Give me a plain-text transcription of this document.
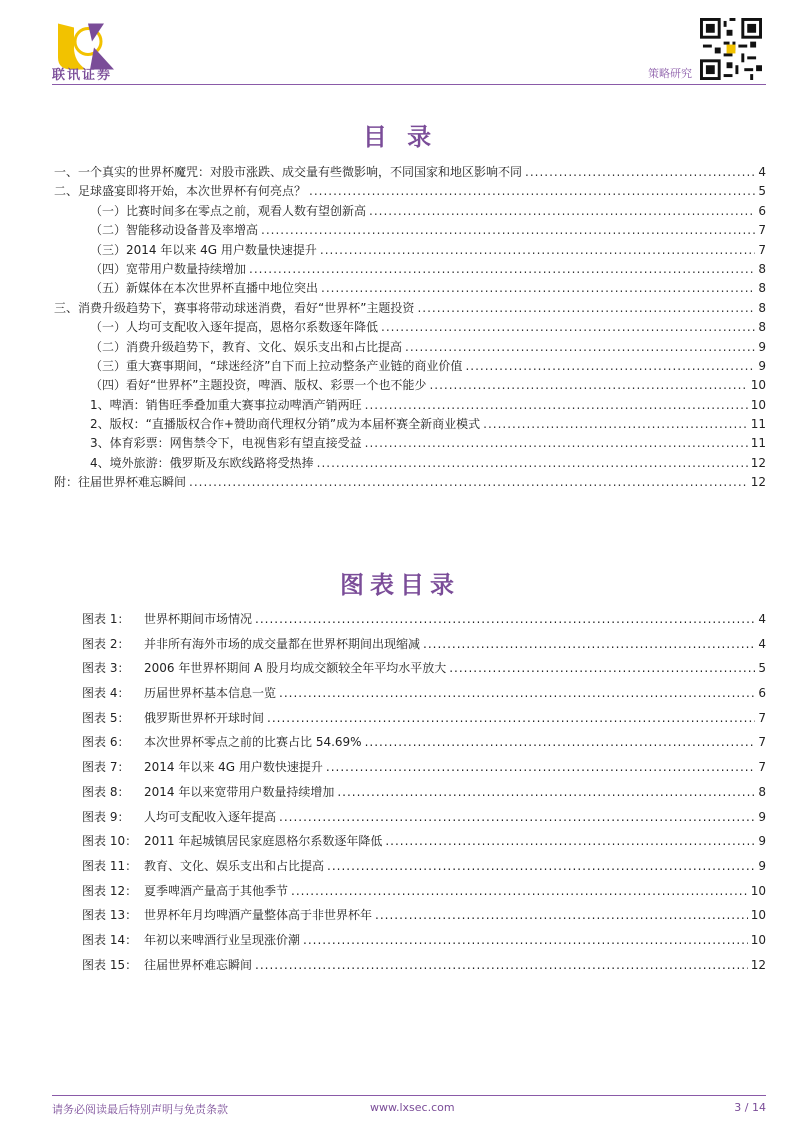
联讯证券	策略研究
目 录
一、一个真实的世界杯魔咒：对股市涨跌、成交量有些微影响，不同国家和地区影响不同 .....	4
二、足球盛宴即将开始，本次世界杯有何亮点？ .....	5
（一）比赛时间多在零点之前，观看人数有望创新高 .....	6
（二）智能移动设备普及率增高 .....	7
（三）2014 年以来 4G 用户数量快速提升 .....	7
（四）宽带用户数量持续增加 .....	8
（五）新媒体在本次世界杯直播中地位突出 .....	8
三、消费升级趋势下，赛事将带动球迷消费，看好“世界杯”主题投资 .....	8
（一）人均可支配收入逐年提高，恩格尔系数逐年降低 .....	8
（二）消费升级趋势下，教育、文化、娱乐支出和占比提高 .....	9
（三）重大赛事期间，“球迷经济”自下而上拉动整条产业链的商业价值 .....	9
（四）看好“世界杯”主题投资，啤酒、版权、彩票一个也不能少 .....	10
1、啤酒：销售旺季叠加重大赛事拉动啤酒产销两旺 .....	10
2、版权：“直播版权合作+赞助商代理权分销”成为本届杯赛全新商业模式 .....	11
3、体育彩票：网售禁令下，电视售彩有望直接受益 .....	11
4、境外旅游：俄罗斯及东欧线路将受热捧 .....	12
附：往届世界杯难忘瞬间 .....	12
图表目录
图表 1：	世界杯期间市场情况 .....	4
图表 2：	并非所有海外市场的成交量都在世界杯期间出现缩减 .....	4
图表 3：	2006 年世界杯期间 A 股月均成交额较全年平均水平放大 .....	5
图表 4：	历届世界杯基本信息一览 .....	6
图表 5：	俄罗斯世界杯开球时间 .....	7
图表 6：	本次世界杯零点之前的比赛占比 54.69% .....	7
图表 7：	2014 年以来 4G 用户数快速提升 .....	7
图表 8：	2014 年以来宽带用户数量持续增加 .....	8
图表 9：	人均可支配收入逐年提高 .....	9
图表 10： 2011 年起城镇居民家庭恩格尔系数逐年降低 .....	9
图表 11： 教育、文化、娱乐支出和占比提高 .....	9
图表 12： 夏季啤酒产量高于其他季节 .....	10
图表 13： 世界杯年月均啤酒产量整体高于非世界杯年 .....	10
图表 14： 年初以来啤酒行业呈现涨价潮 .....	10
图表 15： 往届世界杯难忘瞬间 .....	12
请务必阅读最后特别声明与免责条款	www.lxsec.com	3 / 14
